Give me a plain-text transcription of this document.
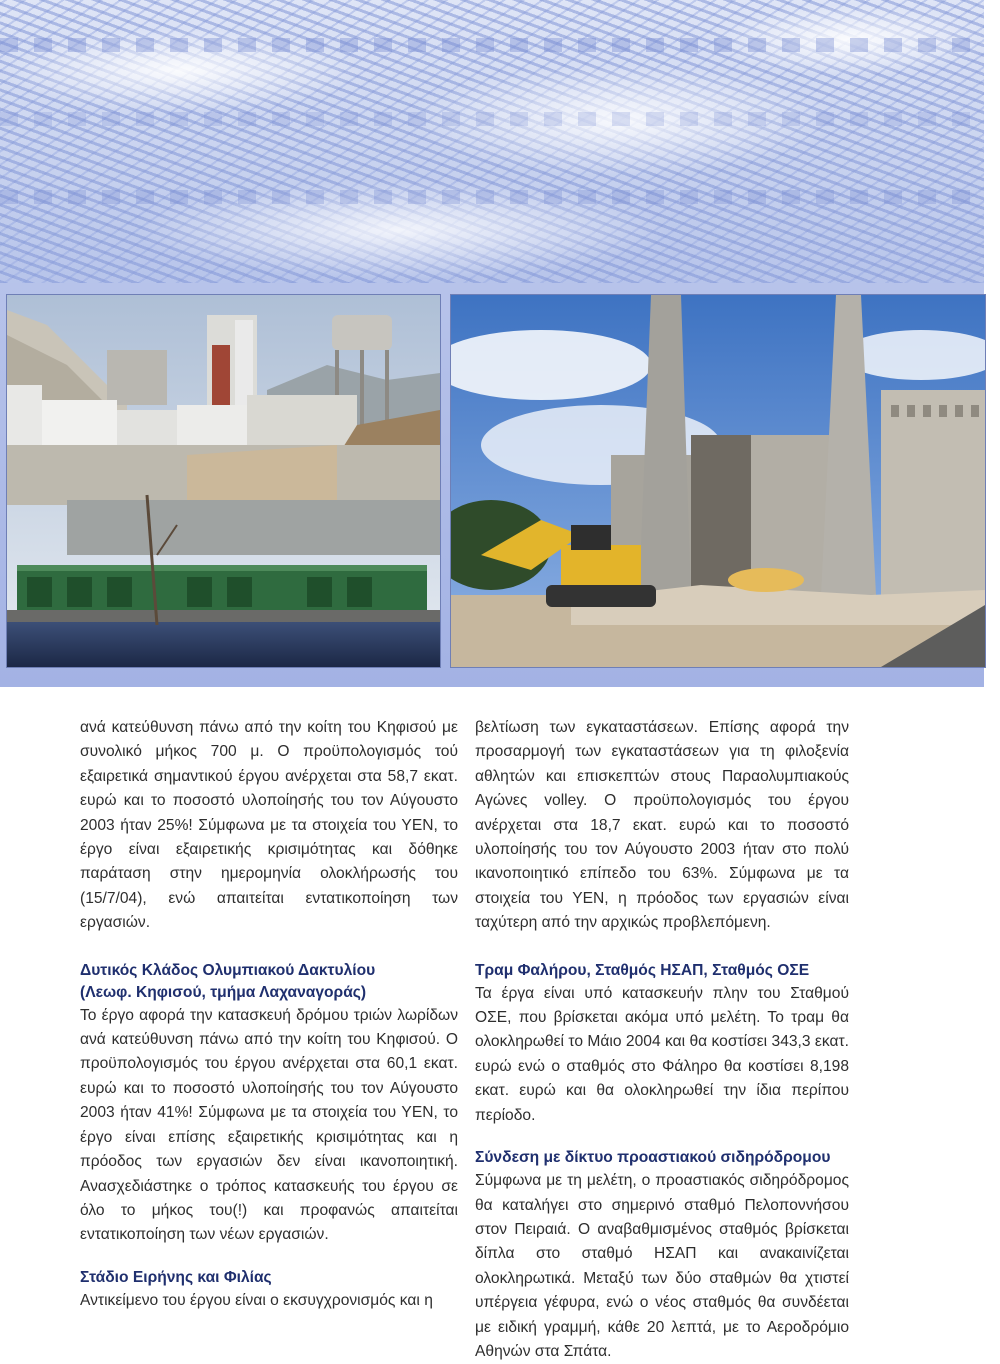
ανά κατεύθυνση πάνω από την κοίτη του Κηφισού με συνολικό μήκος 700 μ. Ο προϋπολογισμός τού εξαιρετικά σημαντικού έργου ανέρχεται στα 58,7 εκατ. ευρώ και το ποσοστό υλοποίησής του τον Αύγουστο 2003 ήταν 25%! Σύμφωνα με τα στοιχεία του ΥΕΝ, το έργο είναι εξαιρετικής κρισιμότητας και δόθηκε παράταση στην ημερομηνία ολοκλήρωσής του (15/7/04), ενώ απαιτείται εντατικοποίηση των εργασιών.

Δυτικός Κλάδος Ολυμπιακού Δακτυλίου
(Λεωφ. Κηφισού, τμήμα Λαχαναγοράς)

Το έργο αφορά την κατασκευή δρόμου τριών λωρίδων ανά κατεύθυνση πάνω από την κοίτη του Κηφισού. Ο προϋπολογισμός του έργου ανέρχεται στα 60,1 εκατ. ευρώ και το ποσοστό υλοποίησής του τον Αύγουστο 2003 ήταν 41%! Σύμφωνα με τα στοιχεία του ΥΕΝ, το έργο είναι επίσης εξαιρετικής κρισιμότητας και η πρόοδος των εργασιών δεν είναι ικανοποιητική. Ανασχεδιάστηκε ο τρόπος κατασκευής του έργου σε όλο το μήκος του(!) και προφανώς απαιτείται εντατικοποίηση των νέων εργασιών.

Στάδιο Ειρήνης και Φιλίας

Αντικείμενο του έργου είναι ο εκσυγχρονισμός και η

βελτίωση των εγκαταστάσεων. Επίσης αφορά την προσαρμογή των εγκαταστάσεων για τη φιλοξενία αθλητών και επισκεπτών στους Παραολυμπιακούς Αγώνες volley. Ο προϋπολογισμός του έργου ανέρχεται στα 18,7 εκατ. ευρώ και το ποσοστό υλοποίησής του τον Αύγουστο 2003 ήταν στο πολύ ικανοποιητικό επίπεδο του 63%. Σύμφωνα με τα στοιχεία του ΥΕΝ, η πρόοδος των εργασιών είναι ταχύτερη από την αρχικώς προβλεπόμενη.

Τραμ Φαλήρου, Σταθμός ΗΣΑΠ, Σταθμός ΟΣΕ

Τα έργα είναι υπό κατασκευήν πλην του Σταθμού ΟΣΕ, που βρίσκεται ακόμα υπό μελέτη. Το τραμ θα ολοκληρωθεί το Μάιο 2004 και θα κοστίσει 343,3 εκατ. ευρώ ενώ ο σταθμός στο Φάληρο θα κοστίσει 8,198 εκατ. ευρώ και θα ολοκληρωθεί την ίδια περίπου περίοδο.

Σύνδεση με δίκτυο προαστιακού σιδηρόδρομου

Σύμφωνα με τη μελέτη, ο προαστιακός σιδηρόδρομος θα καταλήγει στο σημερινό σταθμό Πελοποννήσου στον Πειραιά. Ο αναβαθμισμένος σταθμός βρίσκεται δίπλα στο σταθμό ΗΣΑΠ και ανακαινίζεται ολοκληρωτικά. Μεταξύ των δύο σταθμών θα χτιστεί υπέργεια γέφυρα, ενώ ο νέος σταθμός θα συνδέεται με ειδική γραμμή, κάθε 20 λεπτά, με το Αεροδρόμιο Αθηνών στα Σπάτα.
